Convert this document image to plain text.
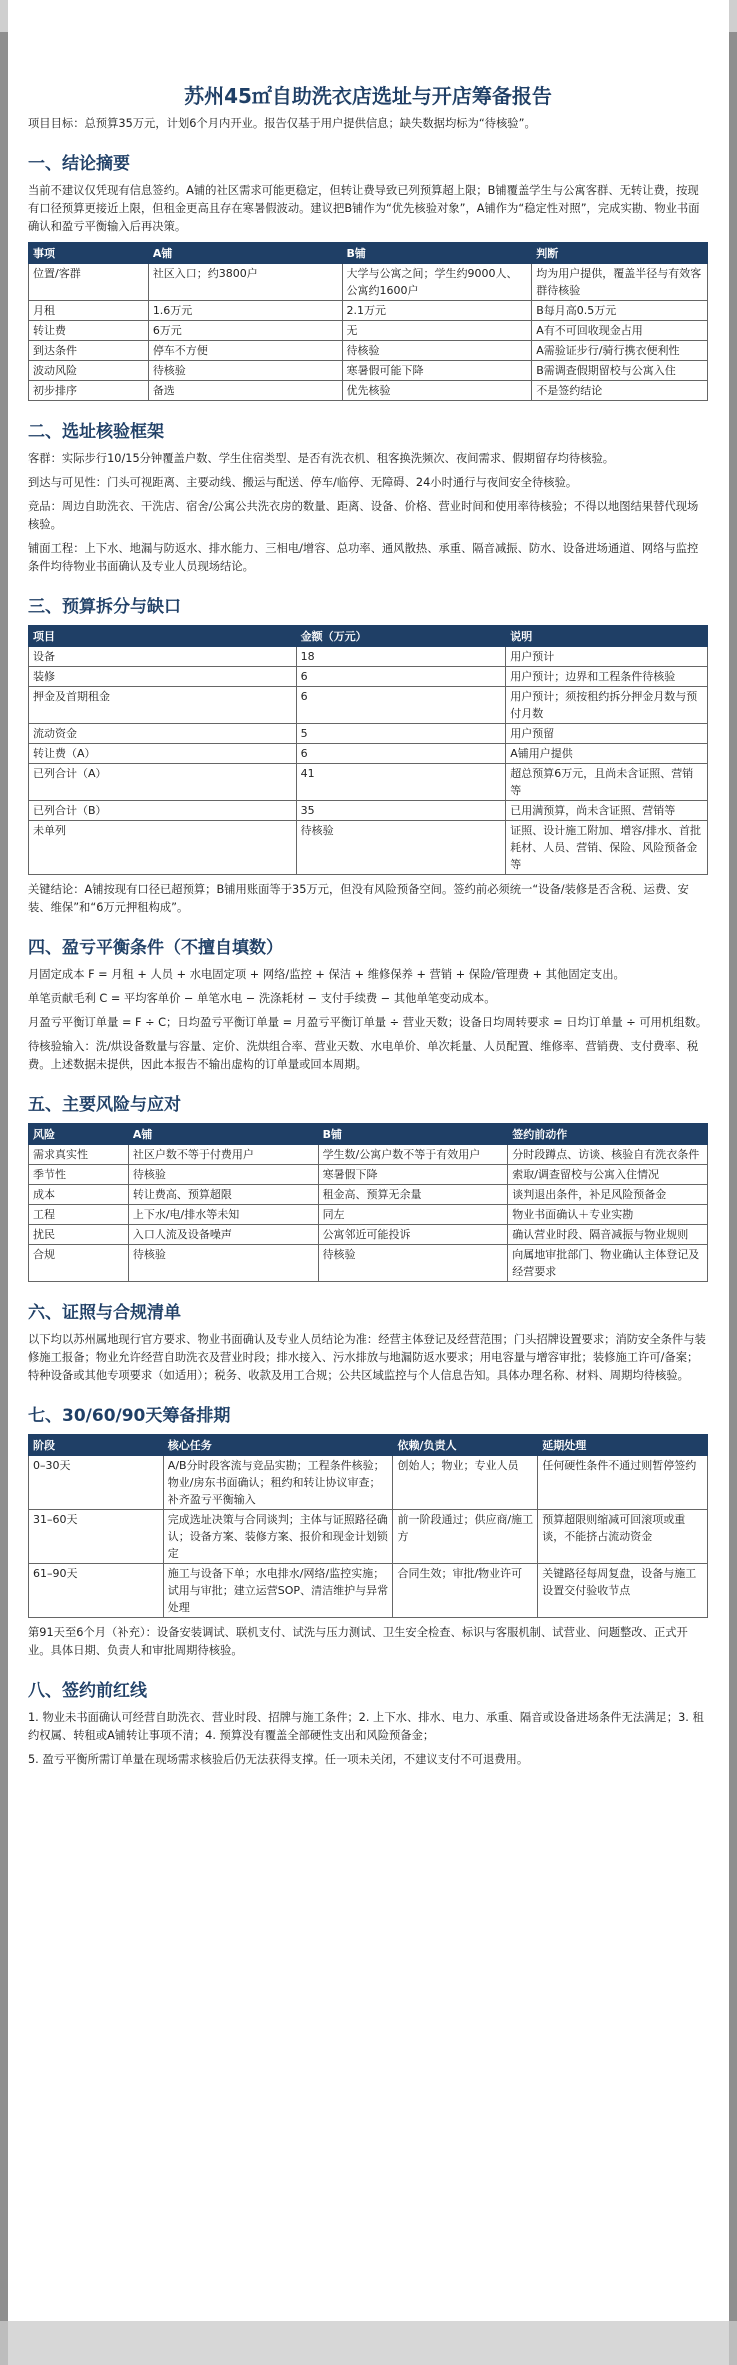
苏州45㎡自助洗衣店选址与开店筹备报告
项目目标：总预算35万元，计划6个月内开业。报告仅基于用户提供信息；缺失数据均标为“待核验”。
一、结论摘要

当前不建议仅凭现有信息签约。A铺的社区需求可能更稳定，但转让费导致已列预算超上限；B铺覆盖学生与公寓客群、无转让费，按现有口径预算更接近上限，但租金更高且存在寒暑假波动。建议把B铺作为“优先核验对象”，A铺作为“稳定性对照”，完成实勘、物业书面确认和盈亏平衡输入后再决策。

事项	A铺	B铺	判断
位置/客群	社区入口；约3800户	大学与公寓之间；学生约9000人、公寓约1600户	均为用户提供，覆盖半径与有效客群待核验
月租	1.6万元	2.1万元	B每月高0.5万元
转让费	6万元	无	A有不可回收现金占用
到达条件	停车不方便	待核验	A需验证步行/骑行携衣便利性
波动风险	待核验	寒暑假可能下降	B需调查假期留校与公寓入住
初步排序	备选	优先核验	不是签约结论
二、选址核验框架

客群：实际步行10/15分钟覆盖户数、学生住宿类型、是否有洗衣机、租客换洗频次、夜间需求、假期留存均待核验。

到达与可见性：门头可视距离、主要动线、搬运与配送、停车/临停、无障碍、24小时通行与夜间安全待核验。

竞品：周边自助洗衣、干洗店、宿舍/公寓公共洗衣房的数量、距离、设备、价格、营业时间和使用率待核验；不得以地图结果替代现场核验。

铺面工程：上下水、地漏与防返水、排水能力、三相电/增容、总功率、通风散热、承重、隔音减振、防水、设备进场通道、网络与监控条件均待物业书面确认及专业人员现场结论。

三、预算拆分与缺口
项目	金额（万元）	说明
设备	18	用户预计
装修	6	用户预计；边界和工程条件待核验
押金及首期租金	6	用户预计；须按租约拆分押金月数与预付月数
流动资金	5	用户预留
转让费（A）	6	A铺用户提供
已列合计（A）	41	超总预算6万元，且尚未含证照、营销等
已列合计（B）	35	已用满预算，尚未含证照、营销等
未单列	待核验	证照、设计施工附加、增容/排水、首批耗材、人员、营销、保险、风险预备金等

关键结论：A铺按现有口径已超预算；B铺用账面等于35万元，但没有风险预备空间。签约前必须统一“设备/装修是否含税、运费、安装、维保”和“6万元押租构成”。

四、盈亏平衡条件（不擅自填数）

月固定成本 F = 月租 + 人员 + 水电固定项 + 网络/监控 + 保洁 + 维修保养 + 营销 + 保险/管理费 + 其他固定支出。

单笔贡献毛利 C = 平均客单价 − 单笔水电 − 洗涤耗材 − 支付手续费 − 其他单笔变动成本。

月盈亏平衡订单量 = F ÷ C；日均盈亏平衡订单量 = 月盈亏平衡订单量 ÷ 营业天数；设备日均周转要求 = 日均订单量 ÷ 可用机组数。

待核验输入：洗/烘设备数量与容量、定价、洗烘组合率、营业天数、水电单价、单次耗量、人员配置、维修率、营销费、支付费率、税费。上述数据未提供，因此本报告不输出虚构的订单量或回本周期。

五、主要风险与应对
风险	A铺	B铺	签约前动作
需求真实性	社区户数不等于付费用户	学生数/公寓户数不等于有效用户	分时段蹲点、访谈、核验自有洗衣条件
季节性	待核验	寒暑假下降	索取/调查留校与公寓入住情况
成本	转让费高、预算超限	租金高、预算无余量	谈判退出条件，补足风险预备金
工程	上下水/电/排水等未知	同左	物业书面确认＋专业实勘
扰民	入口人流及设备噪声	公寓邻近可能投诉	确认营业时段、隔音减振与物业规则
合规	待核验	待核验	向属地审批部门、物业确认主体登记及经营要求
六、证照与合规清单

以下均以苏州属地现行官方要求、物业书面确认及专业人员结论为准：经营主体登记及经营范围；门头招牌设置要求；消防安全条件与装修施工报备；物业允许经营自助洗衣及营业时段；排水接入、污水排放与地漏防返水要求；用电容量与增容审批；装修施工许可/备案；特种设备或其他专项要求（如适用）；税务、收款及用工合规；公共区域监控与个人信息告知。具体办理名称、材料、周期均待核验。

七、30/60/90天筹备排期
阶段	核心任务	依赖/负责人	延期处理
0–30天	A/B分时段客流与竞品实勘；工程条件核验；物业/房东书面确认；租约和转让协议审查；补齐盈亏平衡输入	创始人；物业；专业人员	任何硬性条件不通过则暂停签约
31–60天	完成选址决策与合同谈判；主体与证照路径确认；设备方案、装修方案、报价和现金计划锁定	前一阶段通过；供应商/施工方	预算超限则缩减可回滚项或重谈，不能挤占流动资金
61–90天	施工与设备下单；水电排水/网络/监控实施；试用与审批；建立运营SOP、清洁维护与异常处理	合同生效；审批/物业许可	关键路径每周复盘，设备与施工设置交付验收节点

第91天至6个月（补充）：设备安装调试、联机支付、试洗与压力测试、卫生安全检查、标识与客服机制、试营业、问题整改、正式开业。具体日期、负责人和审批周期待核验。

八、签约前红线

1. 物业未书面确认可经营自助洗衣、营业时段、招牌与施工条件；2. 上下水、排水、电力、承重、隔音或设备进场条件无法满足；3. 租约权属、转租或A铺转让事项不清；4. 预算没有覆盖全部硬性支出和风险预备金；

5. 盈亏平衡所需订单量在现场需求核验后仍无法获得支撑。任一项未关闭，不建议支付不可退费用。
